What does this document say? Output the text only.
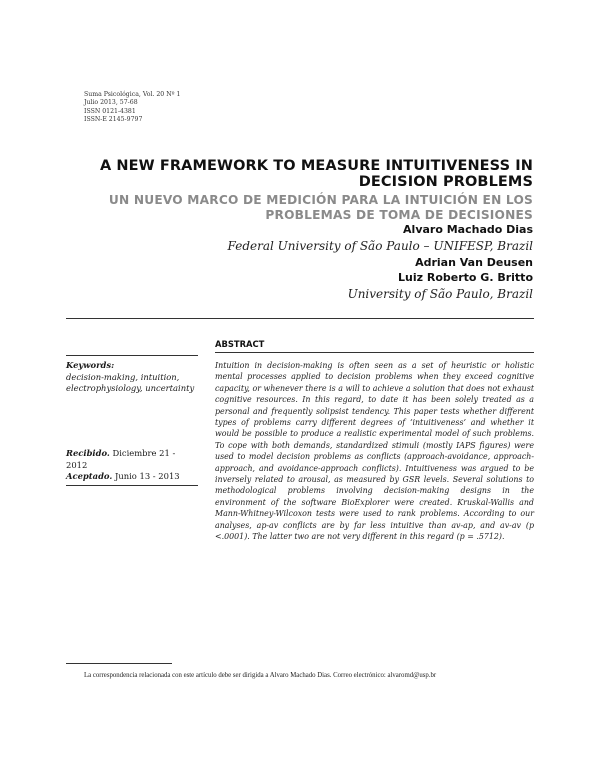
Suma Psicológica, Vol. 20 Nº 1
Julio 2013, 57-68
ISSN 0121-4381
ISSN-E 2145-9797
A NEW FRAMEWORK TO MEASURE INTUITIVENESS IN DECISION PROBLEMS
UN NUEVO MARCO DE MEDICIÓN PARA LA INTUICIÓN EN LOS PROBLEMAS DE TOMA DE DECISIONES
Alvaro Machado Dias
Federal University of São Paulo – UNIFESP, Brazil
Adrian Van Deusen
Luiz Roberto G. Britto
University of São Paulo, Brazil
Keywords:
decision-making, intuition, electrophysiology, uncertainty
Recibido. Diciembre 21 - 2012
Aceptado. Junio 13 - 2013
ABSTRACT
Intuition in decision-making is often seen as a set of heuristic or holistic mental processes applied to decision problems when they exceed cognitive capacity, or whenever there is a will to achieve a solution that does not exhaust cognitive resources. In this regard, to date it has been solely treated as a personal and frequently solipsist tendency. This paper tests whether different types of problems carry different degrees of ‘intuitiveness’ and whether it would be possible to produce a realistic experimental model of such problems. To cope with both demands, standardized stimuli (mostly IAPS figures) were used to model decision problems as conflicts (approach-avoidance, approach-approach, and avoidance-approach conflicts). Intuitiveness was argued to be inversely related to arousal, as measured by GSR levels. Several solutions to methodological problems involving decision-making designs in the environment of the software BioExplorer were created. Kruskal-Wallis and Mann-Whitney-Wilcoxon tests were used to rank problems. According to our analyses, ap-av conflicts are by far less intuitive than av-ap, and av-av (p <.0001). The latter two are not very different in this regard (p = .5712).
La correspondencia relacionada con este artículo debe ser dirigida a Alvaro Machado Dias. Correo electrónico: alvaromd@usp.br
